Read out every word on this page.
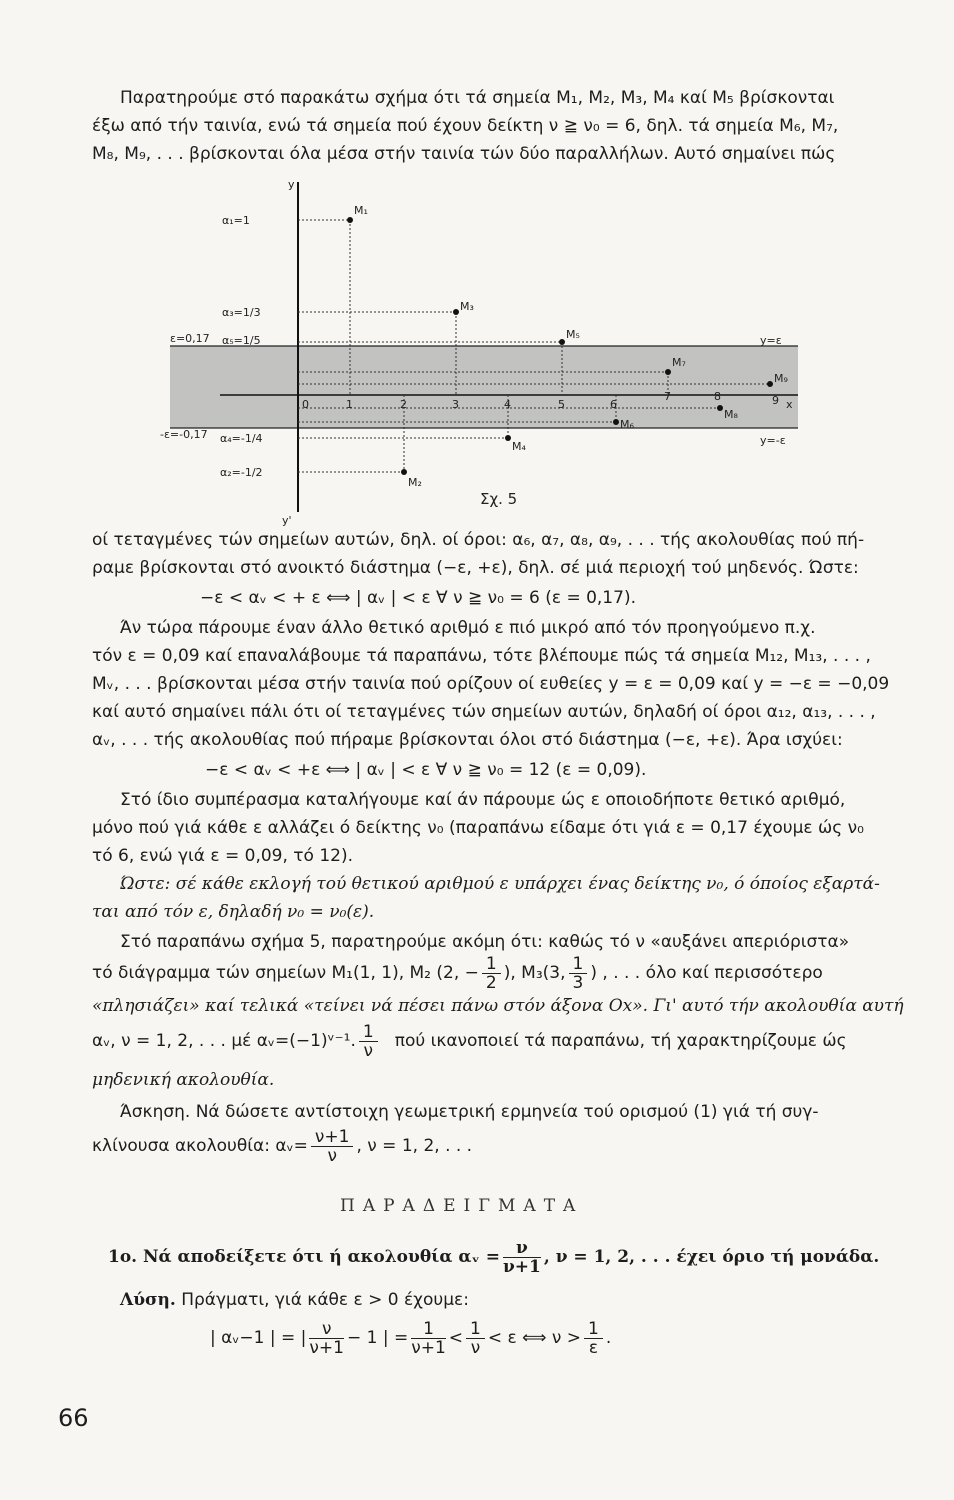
Παρατηρούμε στό παρακάτω σχήμα ότι τά σημεία M₁, M₂, M₃, M₄ καί M₅ βρίσκονται
έξω από τήν ταινία, ενώ τά σημεία πού έχουν δείκτη ν ≧ ν₀ = 6, δηλ. τά σημεία M₆, M₇,
M₈, M₉, . . . βρίσκονται όλα μέσα στήν ταινία τών δύο παραλλήλων. Αυτό σημαίνει πώς
M₁
M₂
M₃
M₄
M₅
M₆
M₇
M₈
M₉
y
y'
x
α₁=1
α₃=1/3
α₅=1/5
α₄=-1/4
α₂=-1/2
ε=0,17
-ε=-0,17
y=ε
y=-ε
0	1	2	3	4	5	6
7	8	9
Σχ. 5
οί τεταγμένες τών σημείων αυτών, δηλ. οί όροι: α₆, α₇, α₈, α₉, . . . τής ακολουθίας πού πή-
ραμε βρίσκονται στό ανοικτό διάστημα (−ε, +ε), δηλ. σέ μιά περιοχή τού μηδενός. Ώστε:
−ε < αᵥ < + ε ⟺ | αᵥ | < ε ∀ ν ≧ ν₀ = 6 (ε = 0,17).
Άν τώρα πάρουμε έναν άλλο θετικό αριθμό ε πιό μικρό από τόν προηγούμενο π.χ.
τόν ε = 0,09 καί επαναλάβουμε τά παραπάνω, τότε βλέπουμε πώς τά σημεία M₁₂, M₁₃, . . . ,
Mᵥ, . . . βρίσκονται μέσα στήν ταινία πού ορίζουν οί ευθείες y = ε = 0,09 καί y = −ε = −0,09
καί αυτό σημαίνει πάλι ότι οί τεταγμένες τών σημείων αυτών, δηλαδή οί όροι α₁₂, α₁₃, . . . ,
αᵥ, . . . τής ακολουθίας πού πήραμε βρίσκονται όλοι στό διάστημα (−ε, +ε). Άρα ισχύει:
−ε < αᵥ < +ε ⟺ | αᵥ | < ε ∀ ν ≧ ν₀ = 12 (ε = 0,09).
Στό ίδιο συμπέρασμα καταλήγουμε καί άν πάρουμε ώς ε οποιοδήποτε θετικό αριθμό,
μόνο πού γιά κάθε ε αλλάζει ό δείκτης ν₀ (παραπάνω είδαμε ότι γιά ε = 0,17 έχουμε ώς ν₀
τό 6, ενώ γιά ε = 0,09, τό 12).
Ώστε: σέ κάθε εκλογή τού θετικού αριθμού ε υπάρχει ένας δείκτης ν₀, ό όποίος εξαρτά-
ται από τόν ε, δηλαδή ν₀ = ν₀(ε).
Στό παραπάνω σχήμα 5, παρατηρούμε ακόμη ότι: καθώς τό ν «αυξάνει απεριόριστα»
τό διάγραμμα τών σημείων M₁(1, 1), M₂ (2, − $\frac{1}{2}$ ), M₃(3, $\frac{1}{3}$ ) , . . . όλο καί περισσότερο
«πλησιάζει» καί τελικά «τείνει νά πέσει πάνω στόν άξονα Ox». Γι' αυτό τήν ακολουθία αυτή
αᵥ, ν = 1, 2, . . . μέ αᵥ=(−1)ᵛ⁻¹. $\frac{1}{\nu}$ πού ικανοποιεί τά παραπάνω, τή χαρακτηρίζουμε ώς
μηδενική ακολουθία.
Άσκηση. Νά δώσετε αντίστοιχη γεωμετρική ερμηνεία τού ορισμού (1) γιά τή συγ-
κλίνουσα ακολουθία: αᵥ= $\frac{\nu+1}{\nu}$ , ν = 1, 2, . . .
ΠΑΡΑΔΕΙΓΜΑΤΑ
1ο. Νά αποδείξετε ότι ή ακολουθία αᵥ = $\frac{\nu}{\nu+1}$ , ν = 1, 2, . . . έχει όριο τή μονάδα.
Λύση. Πράγματι, γιά κάθε ε > 0 έχουμε:
| αᵥ−1 | = | $\frac{\nu}{\nu+1} - 1$ | = $\frac{1}{\nu+1} < \frac{1}{\nu} < \varepsilon$ ⟺ $\nu > \frac{1}{\varepsilon}$ .
66
